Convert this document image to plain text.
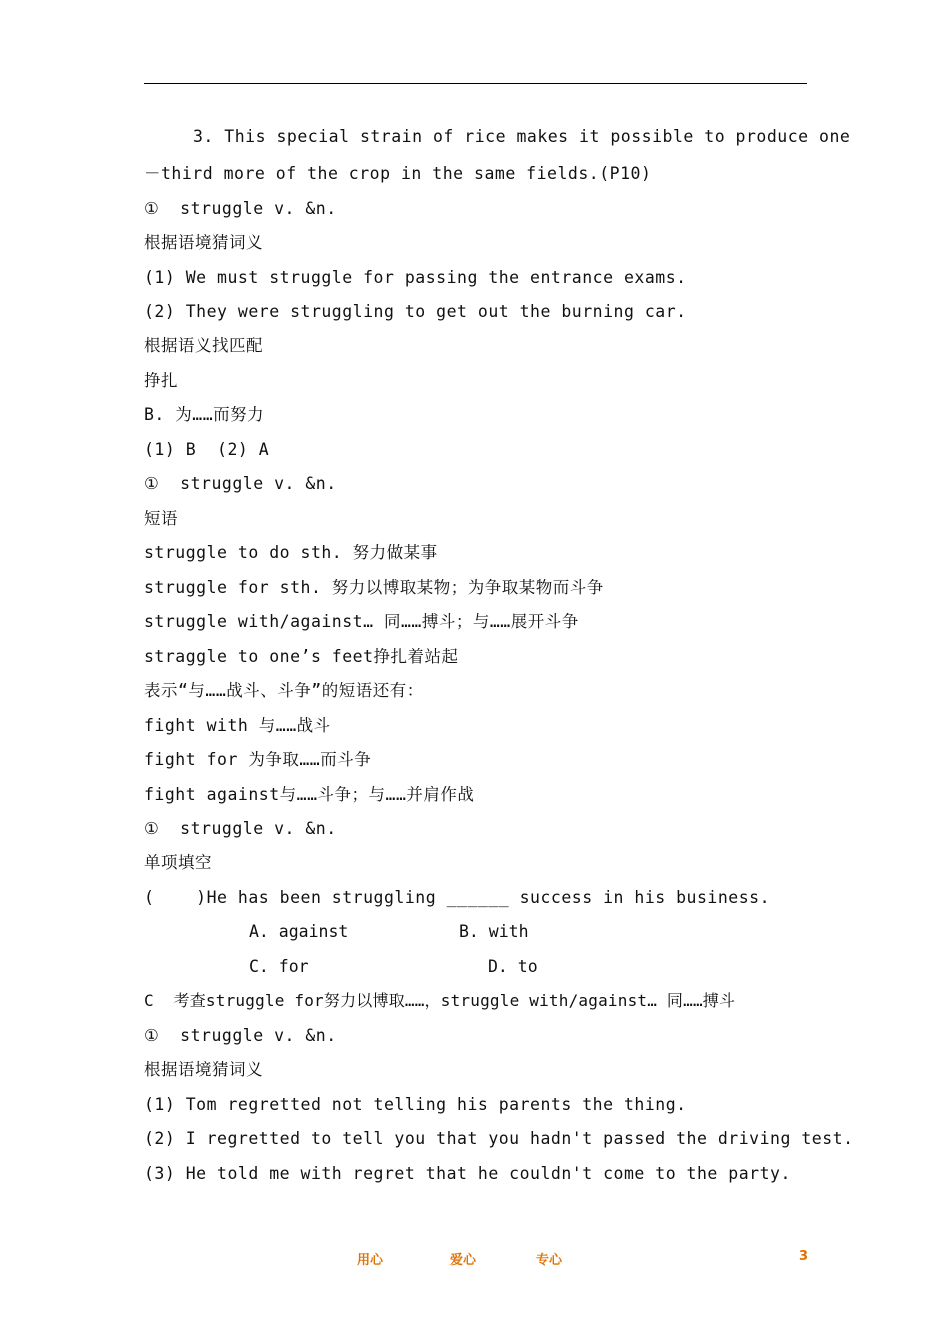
3. This special strain of rice makes it possible to produce one
－third more of the crop in the same fields.(P10)
①  struggle v. &n.
根据语境猜词义
(1) We must struggle for passing the entrance exams.
(2) They were struggling to get out the burning car.
根据语义找匹配
挣扎
B. 为……而努力
(1) B  (2) A
①  struggle v. &n.
短语
struggle to do sth. 努力做某事
struggle for sth. 努力以博取某物；为争取某物而斗争
struggle with/against… 同……搏斗；与……展开斗争
straggle to one’s feet挣扎着站起
表示“与……战斗、斗争”的短语还有：
fight with 与……战斗
fight for 为争取……而斗争
fight against与……斗争；与……并肩作战
①  struggle v. &n.
单项填空
(    )He has been struggling ______ success in his business.
A. against	B. with
C. for	D. to
C  考查struggle for努力以博取……，struggle with/against… 同……搏斗
①  struggle v. &n.
根据语境猜词义
(1) Tom regretted not telling his parents the thing.
(2) I regretted to tell you that you hadn't passed the driving test.
(3) He told me with regret that he couldn't come to the party.
用心	爱心	专心	3
